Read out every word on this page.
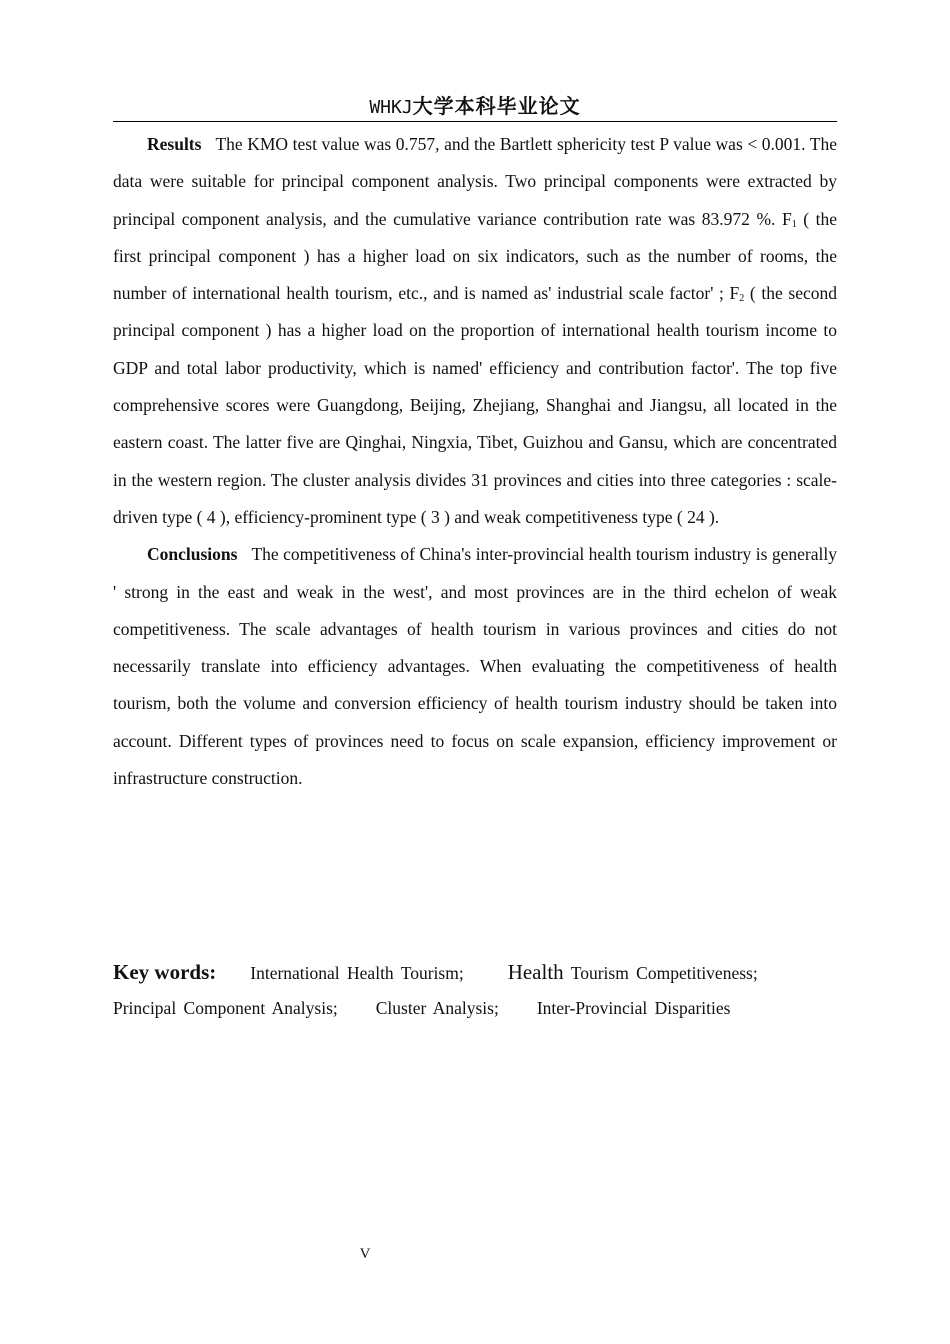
WHKJ大学本科毕业论文

Results The KMO test value was 0.757, and the Bartlett sphericity test P value was < 0.001. The data were suitable for principal component analysis. Two principal components were extracted by principal component analysis, and the cumulative variance contribution rate was 83.972 %. $F_1$ ( the first principal component ) has a higher load on six indicators, such as the number of rooms, the number of international health tourism, etc., and is named as' industrial scale factor' ; $F_2$ ( the second principal component ) has a higher load on the proportion of international health tourism income to GDP and total labor productivity, which is named' efficiency and contribution factor'. The top five comprehensive scores were Guangdong, Beijing, Zhejiang, Shanghai and Jiangsu, all located in the eastern coast. The latter five are Qinghai, Ningxia, Tibet, Guizhou and Gansu, which are concentrated in the western region. The cluster analysis divides 31 provinces and cities into three categories : scale-driven type ( 4 ), efficiency-prominent type ( 3 ) and weak competitiveness type ( 24 ).

Conclusions The competitiveness of China's inter-provincial health tourism industry is generally ' strong in the east and weak in the west', and most provinces are in the third echelon of weak competitiveness. The scale advantages of health tourism in various provinces and cities do not necessarily translate into efficiency advantages. When evaluating the competitiveness of health tourism, both the volume and conversion efficiency of health tourism industry should be taken into account. Different types of provinces need to focus on scale expansion, efficiency improvement or infrastructure construction.

Key words: International Health Tourism; Health Tourism Competitiveness;
Principal Component Analysis; Cluster Analysis; Inter-Provincial Disparities
V
